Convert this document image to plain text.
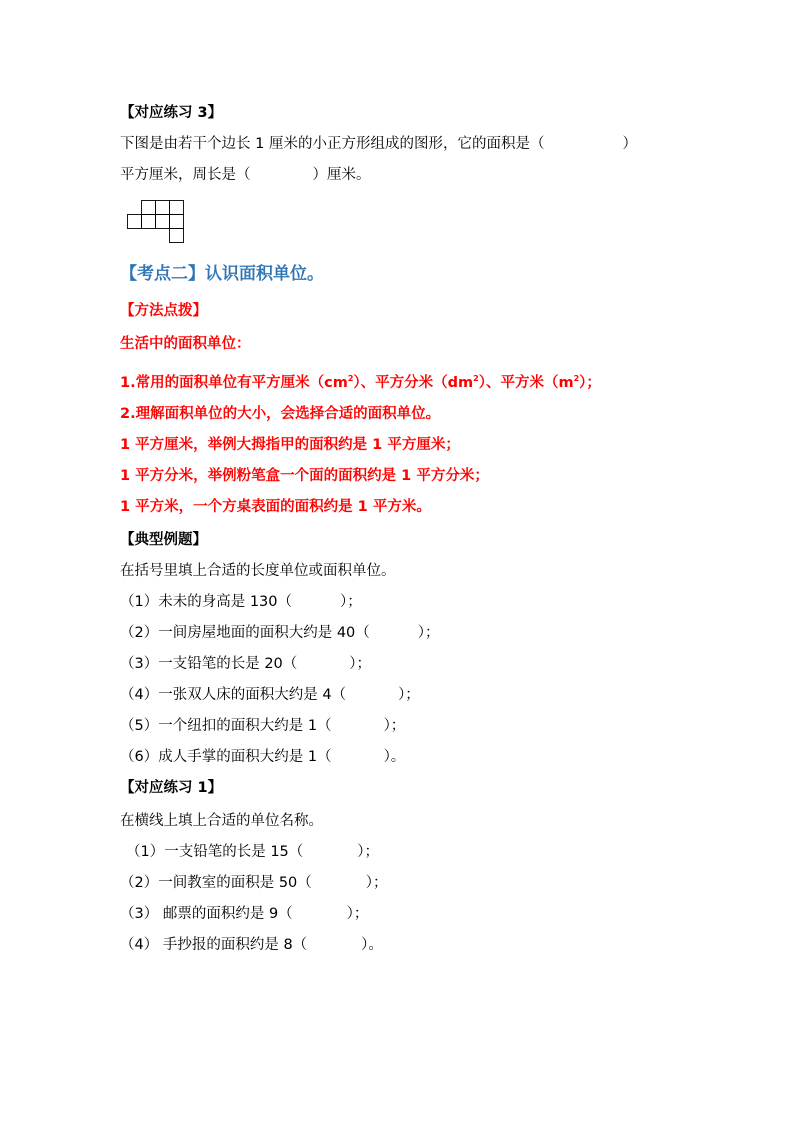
【对应练习 3】
下图是由若干个边长 1 厘米的小正方形组成的图形，它的面积是（	）
平方厘米，周长是（	）厘米。
【考点二】认识面积单位。
【方法点拨】
生活中的面积单位：
1.常用的面积单位有平方厘米$(cm^2)$、平方分米$(dm^2)$、平方米$(m^2)$；
2.理解面积单位的大小，会选择合适的面积单位。
1 平方厘米，举例大拇指甲的面积约是 1 平方厘米；
1 平方分米，举例粉笔盒一个面的面积约是 1 平方分米；
1 平方米，一个方桌表面的面积约是 1 平方米。
【典型例题】
在括号里填上合适的长度单位或面积单位。
（1）未未的身高是 130（	）；
（2）一间房屋地面的面积大约是 40（	）；
（3）一支铅笔的长是 20（	）；
（4）一张双人床的面积大约是 4（	）；
（5）一个纽扣的面积大约是 1（	）；
（6）成人手掌的面积大约是 1（	）。
【对应练习 1】
在横线上填上合适的单位名称。
（1）一支铅笔的长是 15（	）；
（2）一间教室的面积是 50（	）；
（3） 邮票的面积约是 9（	）；
（4） 手抄报的面积约是 8（	）。
